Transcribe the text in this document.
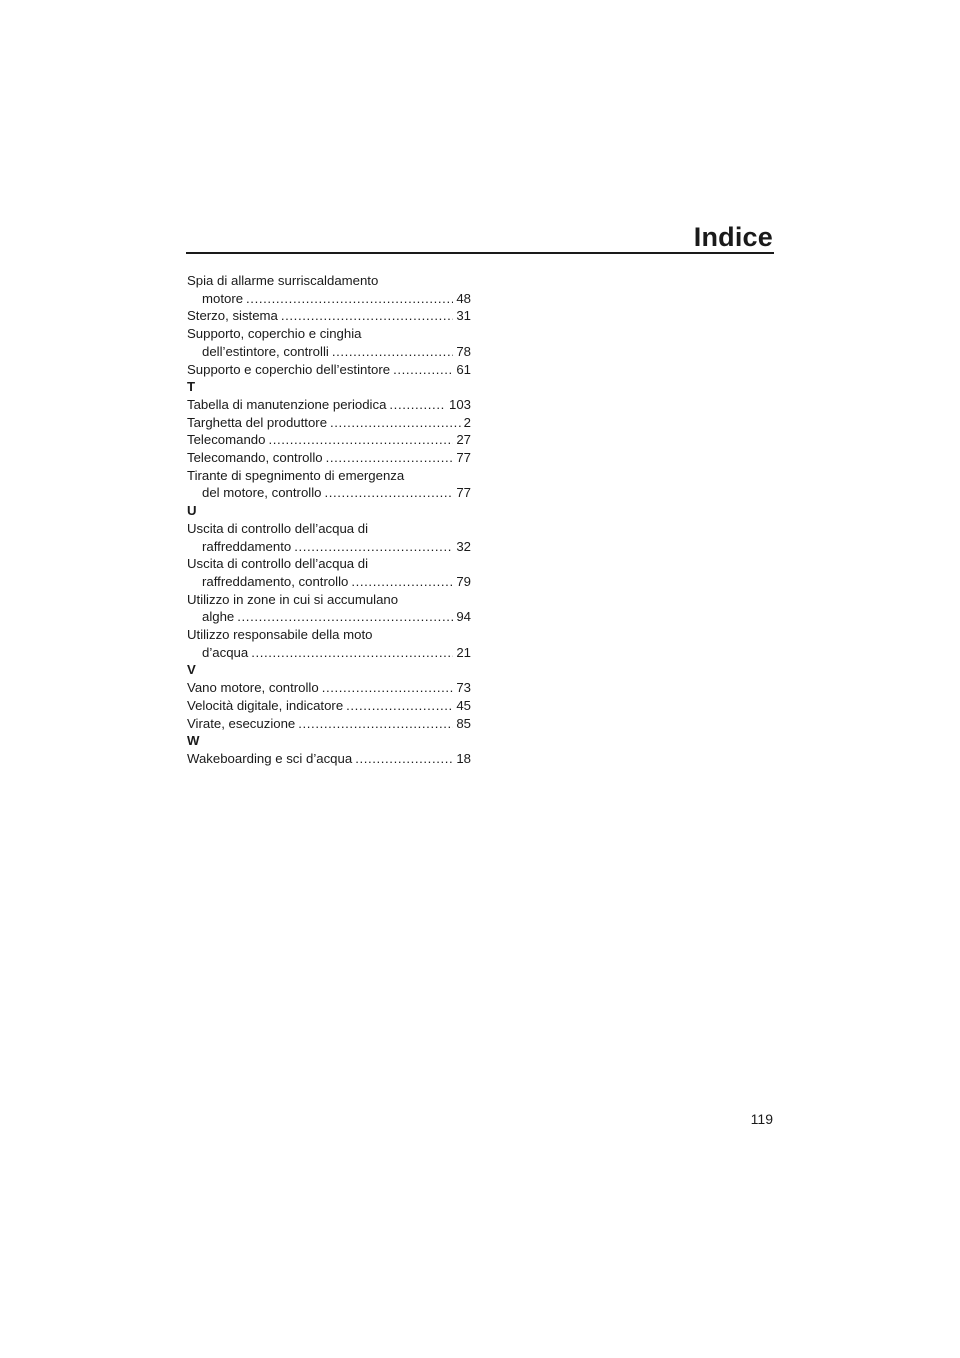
Indice
Spia di allarme surriscaldamento
motore .....	48
Sterzo, sistema .....	31
Supporto, coperchio e cinghia
dell’estintore, controlli .....	78
Supporto e coperchio dell’estintore .....	61
T
Tabella di manutenzione periodica .....	103
Targhetta del produttore .....	2
Telecomando .....	27
Telecomando, controllo .....	77
Tirante di spegnimento di emergenza
del motore, controllo .....	77
U
Uscita di controllo dell’acqua di
raffreddamento .....	32
Uscita di controllo dell’acqua di
raffreddamento, controllo .....	79
Utilizzo in zone in cui si accumulano
alghe .....	94
Utilizzo responsabile della moto
d’acqua .....	21
V
Vano motore, controllo .....	73
Velocità digitale, indicatore .....	45
Virate, esecuzione .....	85
W
Wakeboarding e sci d’acqua .....	18
119
